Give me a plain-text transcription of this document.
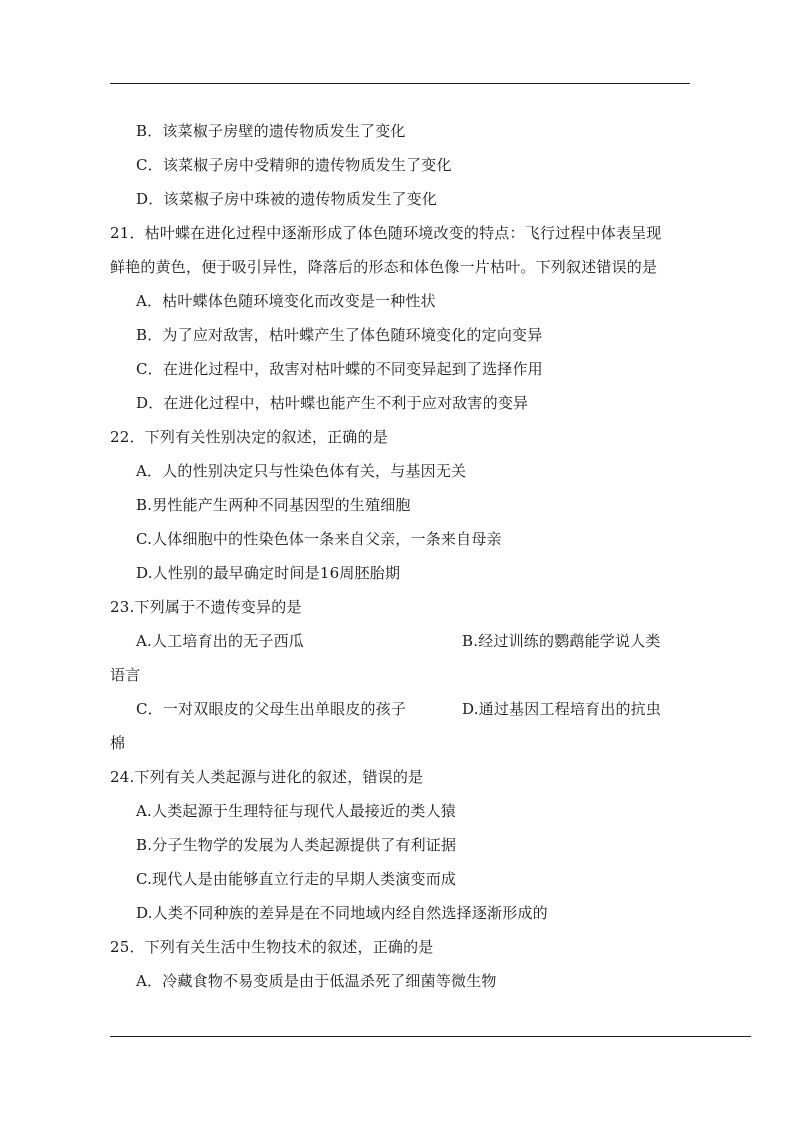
B．该菜椒子房壁的遗传物质发生了变化
C．该菜椒子房中受精卵的遗传物质发生了变化
D．该菜椒子房中珠被的遗传物质发生了变化
21．枯叶蝶在进化过程中逐渐形成了体色随环境改变的特点：飞行过程中体表呈现
鲜艳的黄色，便于吸引异性，降落后的形态和体色像一片枯叶。下列叙述错误的是
A．枯叶蝶体色随环境变化而改变是一种性状
B．为了应对敌害，枯叶蝶产生了体色随环境变化的定向变异
C．在进化过程中，敌害对枯叶蝶的不同变异起到了选择作用
D．在进化过程中，枯叶蝶也能产生不利于应对敌害的变异
22．下列有关性别决定的叙述，正确的是
A．人的性别决定只与性染色体有关，与基因无关
B.男性能产生两种不同基因型的生殖细胞
C.人体细胞中的性染色体一条来自父亲，一条来自母亲
D.人性别的最早确定时间是16周胚胎期
23.下列属于不遗传变异的是
A.人工培育出的无子西瓜	B.经过训练的鹦鹉能学说人类
语言
C．一对双眼皮的父母生出单眼皮的孩子	D.通过基因工程培育出的抗虫
棉
24.下列有关人类起源与进化的叙述，错误的是
A.人类起源于生理特征与现代人最接近的类人猿
B.分子生物学的发展为人类起源提供了有利证据
C.现代人是由能够直立行走的早期人类演变而成
D.人类不同种族的差异是在不同地域内经自然选择逐渐形成的
25．下列有关生活中生物技术的叙述，正确的是
A．冷藏食物不易变质是由于低温杀死了细菌等微生物
